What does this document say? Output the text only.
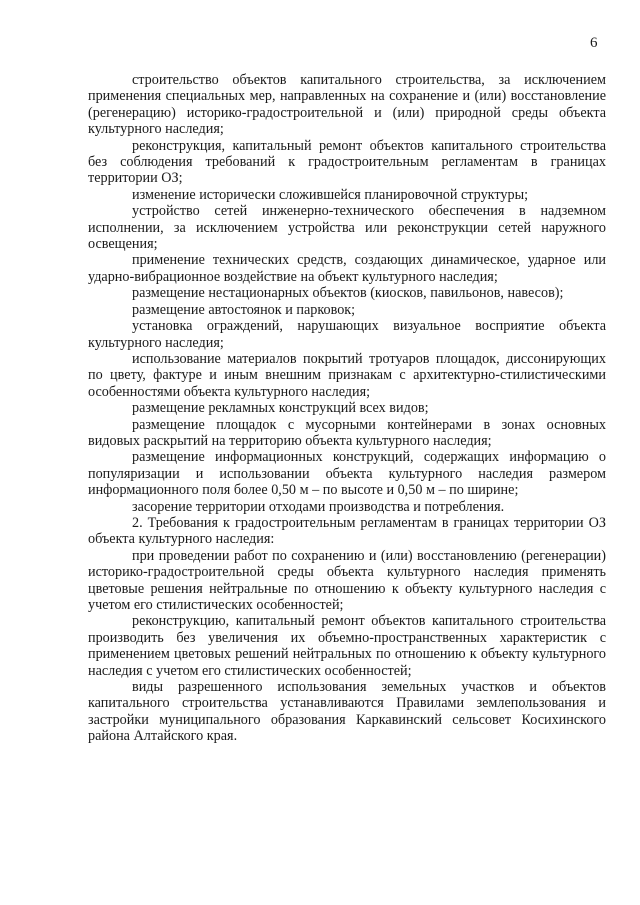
6

строительство объектов капитального строительства, за исключением применения специальных мер, направленных на сохранение и (или) восстановление (регенерацию) историко-градостроительной и (или) природной среды объекта культурного наследия;

реконструкция, капитальный ремонт объектов капитального строительства без соблюдения требований к градостроительным регламентам в границах территории ОЗ;

изменение исторически сложившейся планировочной структуры;

устройство сетей инженерно-технического обеспечения в надземном исполнении, за исключением устройства или реконструкции сетей наружного освещения;

применение технических средств, создающих динамическое, ударное или ударно-вибрационное воздействие на объект культурного наследия;

размещение нестационарных объектов (киосков, павильонов, навесов);

размещение автостоянок и парковок;

установка ограждений, нарушающих визуальное восприятие объекта культурного наследия;

использование материалов покрытий тротуаров площадок, диссонирующих по цвету, фактуре и иным внешним признакам с архитектурно-стилистическими особенностями объекта культурного наследия;

размещение рекламных конструкций всех видов;

размещение площадок с мусорными контейнерами в зонах основных видовых раскрытий на территорию объекта культурного наследия;

размещение информационных конструкций, содержащих информацию о популяризации и использовании объекта культурного наследия размером информационного поля более 0,50 м – по высоте и 0,50 м – по ширине;

засорение территории отходами производства и потребления.

2. Требования к градостроительным регламентам в границах территории ОЗ объекта культурного наследия:

при проведении работ по сохранению и (или) восстановлению (регенерации) историко-градостроительной среды объекта культурного наследия применять цветовые решения нейтральные по отношению к объекту культурного наследия с учетом его стилистических особенностей;

реконструкцию, капитальный ремонт объектов капитального строительства производить без увеличения их объемно-пространственных характеристик с применением цветовых решений нейтральных по отношению к объекту культурного наследия с учетом его стилистических особенностей;

виды разрешенного использования земельных участков и объектов капитального строительства устанавливаются Правилами землепользования и застройки муниципального образования Каркавинский сельсовет Косихинского района Алтайского края.
